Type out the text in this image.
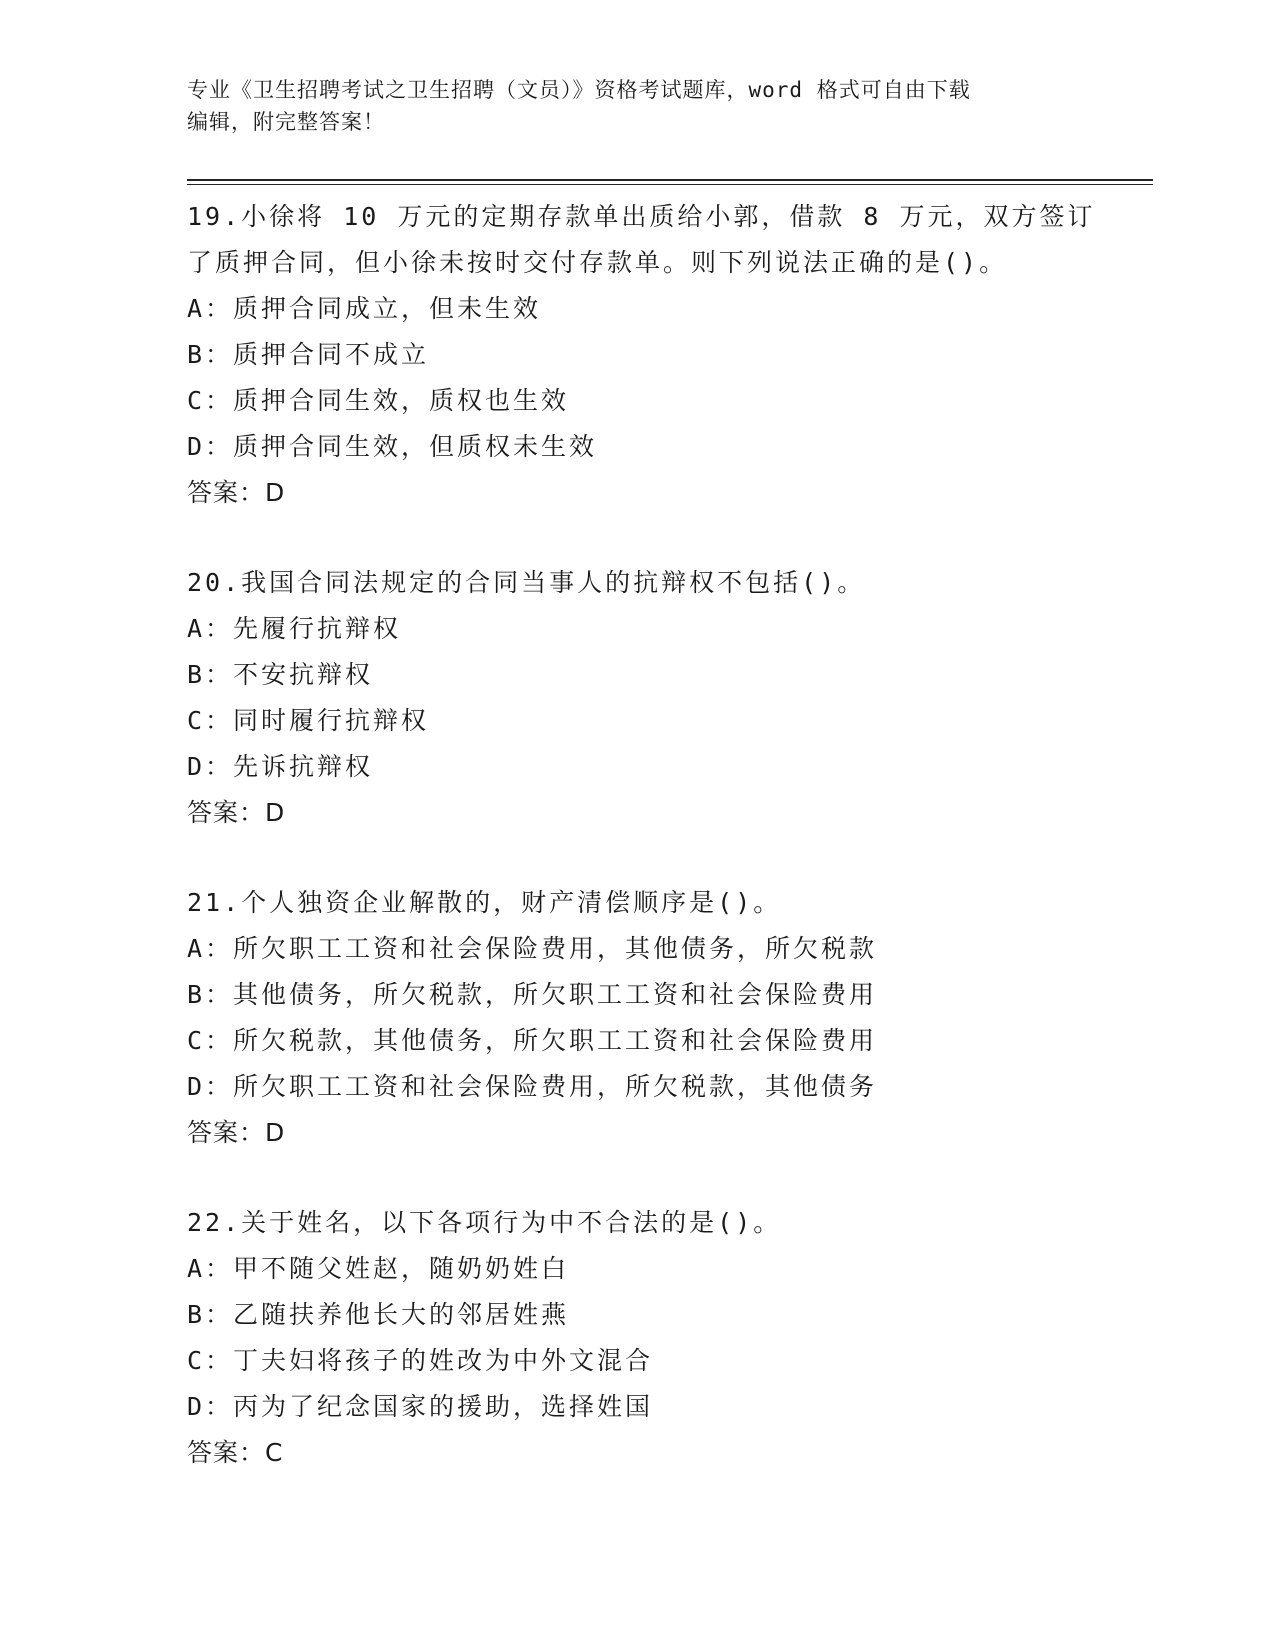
专业《卫生招聘考试之卫生招聘（文员）》资格考试题库，word 格式可自由下载
编辑，附完整答案！
19.小徐将 10 万元的定期存款单出质给小郭，借款 8 万元，双方签订
了质押合同，但小徐未按时交付存款单。则下列说法正确的是()。
A：质押合同成立，但未生效
B：质押合同不成立
C：质押合同生效，质权也生效
D：质押合同生效，但质权未生效
答案：D
20.我国合同法规定的合同当事人的抗辩权不包括()。
A：先履行抗辩权
B：不安抗辩权
C：同时履行抗辩权
D：先诉抗辩权
答案：D
21.个人独资企业解散的，财产清偿顺序是()。
A：所欠职工工资和社会保险费用，其他债务，所欠税款
B：其他债务，所欠税款，所欠职工工资和社会保险费用
C：所欠税款，其他债务，所欠职工工资和社会保险费用
D：所欠职工工资和社会保险费用，所欠税款，其他债务
答案：D
22.关于姓名，以下各项行为中不合法的是()。
A：甲不随父姓赵，随奶奶姓白
B：乙随扶养他长大的邻居姓燕
C：丁夫妇将孩子的姓改为中外文混合
D：丙为了纪念国家的援助，选择姓国
答案：C
